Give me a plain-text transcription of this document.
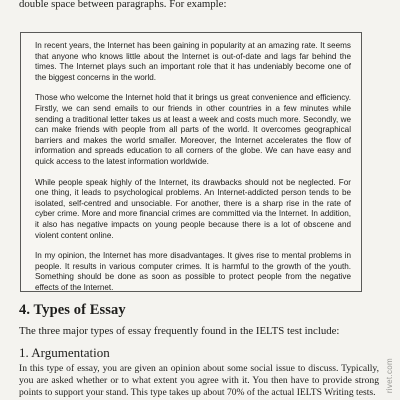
double space between paragraphs. For example:

In recent years, the Internet has been gaining in popularity at an amazing rate. It seems that anyone who knows little about the Internet is out-of-date and lags far behind the times. The Internet plays such an important role that it has undeniably become one of the biggest concerns in the world.

Those who welcome the Internet hold that it brings us great convenience and efficiency. Firstly, we can send emails to our friends in other countries in a few minutes while sending a traditional letter takes us at least a week and costs much more. Secondly, we can make friends with people from all parts of the world. It overcomes geographical barriers and makes the world smaller. Moreover, the Internet accelerates the flow of information and spreads education to all corners of the globe. We can have easy and quick access to the latest information worldwide.

While people speak highly of the Internet, its drawbacks should not be neglected. For one thing, it leads to psychological problems. An Internet-addicted person tends to be isolated, self-centred and unsociable. For another, there is a sharp rise in the rate of cyber crime. More and more financial crimes are committed via the Internet. In addition, it also has negative impacts on young people because there is a lot of obscene and violent content online.

In my opinion, the Internet has more disadvantages. It gives rise to mental problems in people. It results in various computer crimes. It is harmful to the growth of the youth. Something should be done as soon as possible to protect people from the negative effects of the Internet.

4. Types of Essay

The three major types of essay frequently found in the IELTS test include:

1. Argumentation

In this type of essay, you are given an opinion about some social issue to discuss. Typically, you are asked whether or to what extent you agree with it. You then have to provide strong points to support your stand. This type takes up about 70% of the actual IELTS Writing tests.	rivet.com
